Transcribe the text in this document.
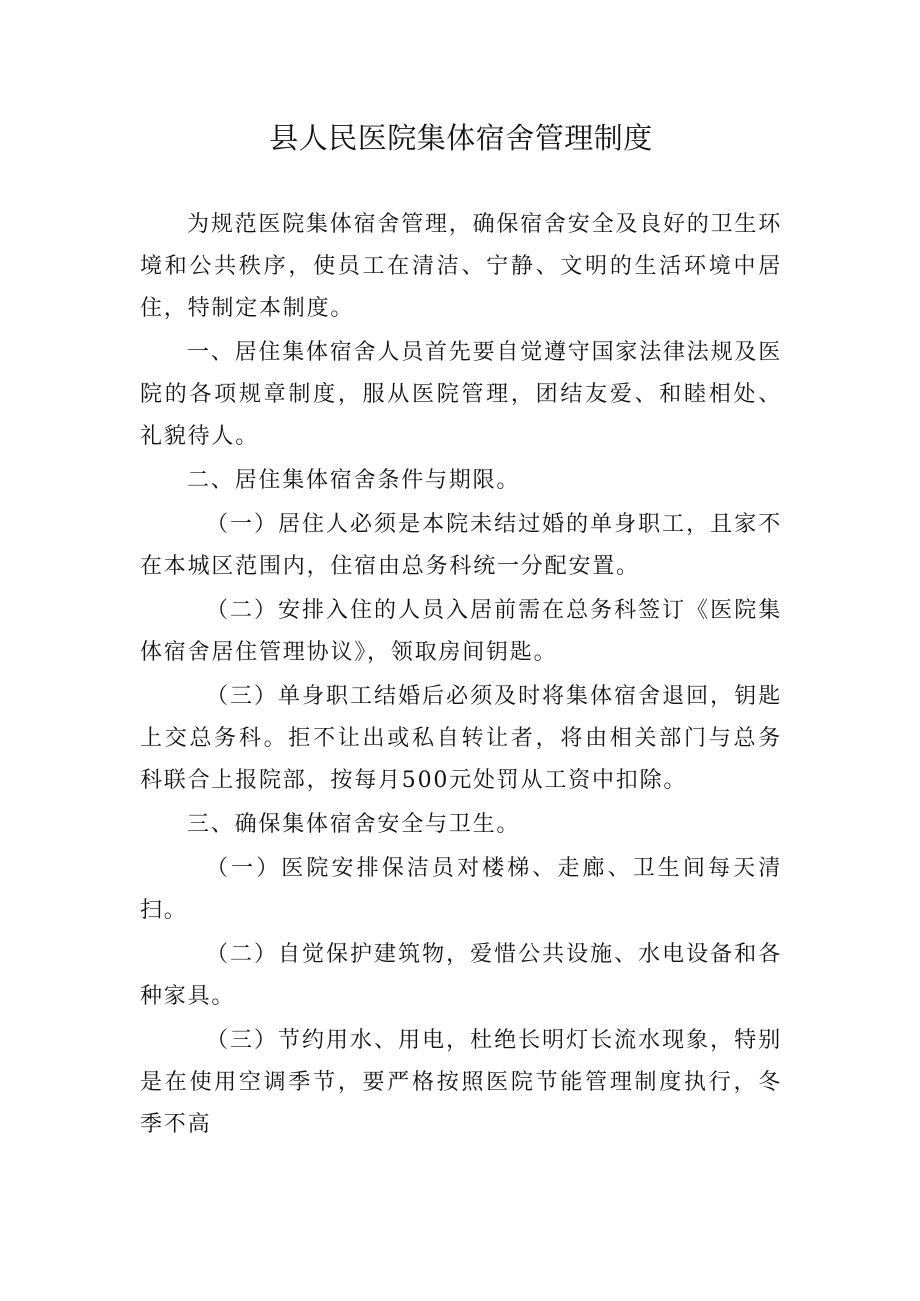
县人民医院集体宿舍管理制度

为规范医院集体宿舍管理，确保宿舍安全及良好的卫生环境和公共秩序，使员工在清洁、宁静、文明的生活环境中居住，特制定本制度。

一、居住集体宿舍人员首先要自觉遵守国家法律法规及医院的各项规章制度，服从医院管理，团结友爱、和睦相处、礼貌待人。

二、居住集体宿舍条件与期限。

（一）居住人必须是本院未结过婚的单身职工，且家不在本城区范围内，住宿由总务科统一分配安置。

（二）安排入住的人员入居前需在总务科签订《医院集体宿舍居住管理协议》，领取房间钥匙。

（三）单身职工结婚后必须及时将集体宿舍退回，钥匙上交总务科。拒不让出或私自转让者，将由相关部门与总务科联合上报院部，按每月500元处罚从工资中扣除。

三、确保集体宿舍安全与卫生。

（一）医院安排保洁员对楼梯、走廊、卫生间每天清扫。

（二）自觉保护建筑物，爱惜公共设施、水电设备和各种家具。

（三）节约用水、用电，杜绝长明灯长流水现象，特别是在使用空调季节，要严格按照医院节能管理制度执行，冬季不高
